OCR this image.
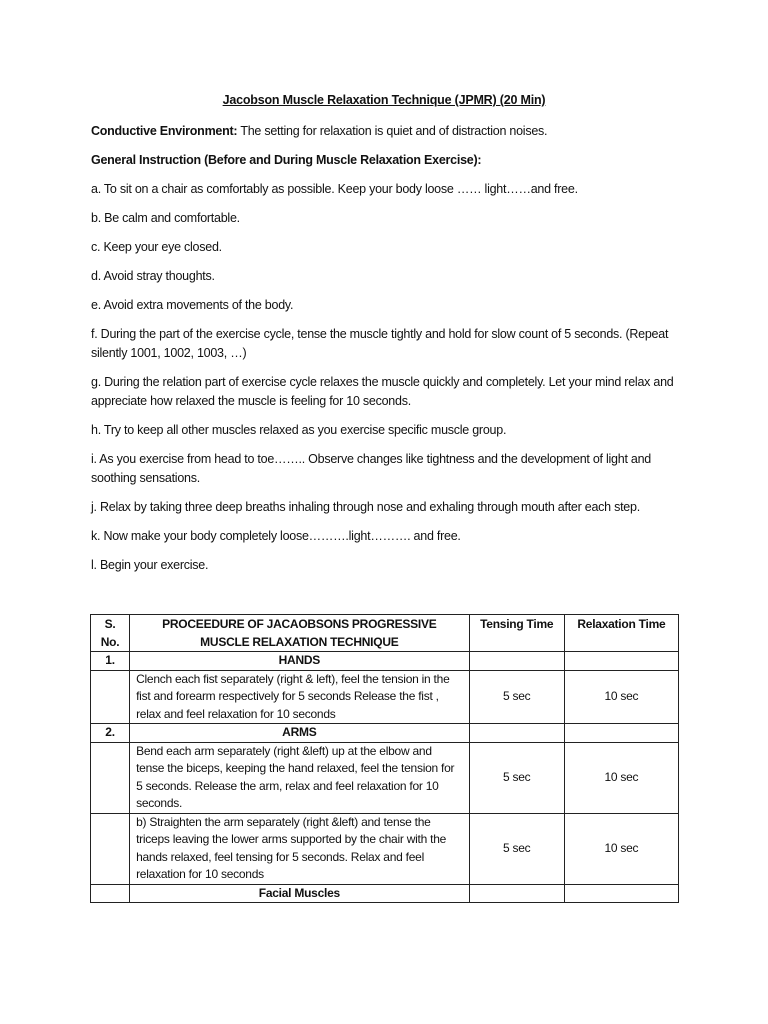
Jacobson Muscle Relaxation Technique (JPMR) (20 Min)
Conductive Environment: The setting for relaxation is quiet and of distraction noises.
General Instruction (Before and During Muscle Relaxation Exercise):
a. To sit on a chair as comfortably as possible. Keep your body loose …… light……and free.
b. Be calm and comfortable.
c. Keep your eye closed.
d. Avoid stray thoughts.
e. Avoid extra movements of the body.
f. During the part of the exercise cycle, tense the muscle tightly and hold for slow count of 5 seconds. (Repeat silently 1001, 1002, 1003, …)
g. During the relation part of exercise cycle relaxes the muscle quickly and completely. Let your mind relax and appreciate how relaxed the muscle is feeling for 10 seconds.
h. Try to keep all other muscles relaxed as you exercise specific muscle group.
i. As you exercise from head to toe…….. Observe changes like tightness and the development of light and soothing sensations.
j. Relax by taking three deep breaths inhaling through nose and exhaling through mouth after each step.
k. Now make your body completely loose……….light………. and free.
l. Begin your exercise.
S. No.	PROCEEDURE OF JACAOBSONS PROGRESSIVE MUSCLE RELAXATION TECHNIQUE	Tensing Time	Relaxation Time
1.	HANDS		
	Clench each fist separately (right & left), feel the tension in the fist and forearm respectively for 5 seconds Release the fist , relax and feel relaxation for 10 seconds	5 sec	10 sec
2.	ARMS		
	Bend each arm separately (right &left) up at the elbow and tense the biceps, keeping the hand relaxed, feel the tension for 5 seconds. Release the arm, relax and feel relaxation for 10 seconds.	5 sec	10 sec
	b) Straighten the arm separately (right &left) and tense the triceps leaving the lower arms supported by the chair with the hands relaxed, feel tensing for 5 seconds. Relax and feel relaxation for 10 seconds	5 sec	10 sec
	Facial Muscles		
